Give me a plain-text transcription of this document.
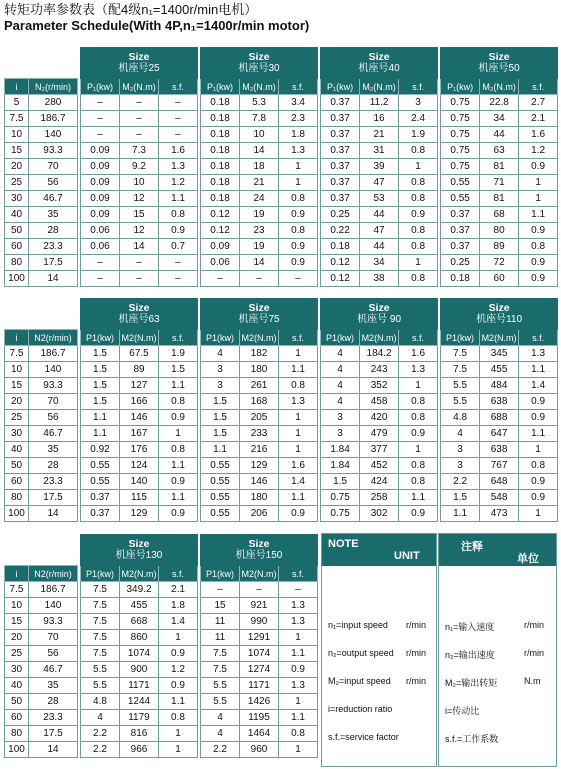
转矩功率参数表（配4级n₁=1400r/min电机）
Parameter Schedule(With 4P,n₁=1400r/min motor)

			Size
机座号25				Size
机座号30				Size
机座号40				Size
机座号50		
i	N₂(r/min)		P₁(kw)	M₂(N.m)	s.f.		P₁(kw)	M₂(N.m)	s.f.		P₁(kw)	M₂(N.m)	s.f.		P₁(kw)	M₂(N.m)	s.f.
5	280		–	–	–		0.18	5.3	3.4		0.37	11.2	3		0.75	22.8	2.7
7.5	186.7		–	–	–		0.18	7.8	2.3		0.37	16	2.4		0.75	34	2.1
10	140		–	–	–		0.18	10	1.8		0.37	21	1.9		0.75	44	1.6
15	93.3		0.09	7.3	1.6		0.18	14	1.3		0.37	31	0.8		0.75	63	1.2
20	70		0.09	9.2	1.3		0.18	18	1		0.37	39	1		0.75	81	0.9
25	56		0.09	10	1.2		0.18	21	1		0.37	47	0.8		0.55	71	1
30	46.7		0.09	12	1.1		0.18	24	0.8		0.37	53	0.8		0.55	81	1
40	35		0.09	15	0.8		0.12	19	0.9		0.25	44	0.9		0.37	68	1.1
50	28		0.06	12	0.9		0.12	23	0.8		0.22	47	0.8		0.37	80	0.9
60	23.3		0.06	14	0.7		0.09	19	0.9		0.18	44	0.8		0.37	89	0.8
80	17.5		–	–	–		0.06	14	0.9		0.12	34	1		0.25	72	0.9
100	14		–	–	–		–	–	–		0.12	38	0.8		0.18	60	0.9

			Size
机座号63				Size
机座号75				Size
机座号 90				Size
机座号110		
i	N2(r/min)		P1(kw)	M2(N.m)	s.f.		P1(kw)	M2(N.m)	s.f.		P1(kw)	M2(N.m)	s.f.		P1(kw)	M2(N.m)	s.f.
7.5	186.7		1.5	67.5	1.9		4	182	1		4	184.2	1.6		7.5	345	1.3
10	140		1.5	89	1.5		3	180	1.1		4	243	1.3		7.5	455	1.1
15	93.3		1.5	127	1.1		3	261	0.8		4	352	1		5.5	484	1.4
20	70		1.5	166	0.8		1.5	168	1.3		4	458	0.8		5.5	638	0.9
25	56		1.1	146	0.9		1.5	205	1		3	420	0.8		4.8	688	0.9
30	46.7		1.1	167	1		1.5	233	1		3	479	0.9		4	647	1.1
40	35		0.92	176	0.8		1.1	216	1		1.84	377	1		3	638	1
50	28		0.55	124	1.1		0.55	129	1.6		1.84	452	0.8		3	767	0.8
60	23.3		0.55	140	0.9		0.55	146	1.4		1.5	424	0.8		2.2	648	0.9
80	17.5		0.37	115	1.1		0.55	180	1.1		0.75	258	1.1		1.5	548	0.9
100	14		0.37	129	0.9		0.55	206	0.9		0.75	302	0.9		1.1	473	1

			Size
机座号130				Size
机座号150		
i	N2(r/min)		P1(kw)	M2(N.m)	s.f.		P1(kw)	M2(N.m)	s.f.
7.5	186.7		7.5	349.2	2.1		–	–	–
10	140		7.5	455	1.8		15	921	1.3
15	93.3		7.5	668	1.4		11	990	1.3
20	70		7.5	860	1		11	1291	1
25	56		7.5	1074	0.9		7.5	1074	1.1
30	46.7		5.5	900	1.2		7.5	1274	0.9
40	35		5.5	1171	0.9		5.5	1171	1.3
50	28		4.8	1244	1.1		5.5	1426	1
60	23.3		4	1179	0.8		4	1195	1.1
80	17.5		2.2	816	1		4	1464	0.8
100	14		2.2	966	1		2.2	960	1
NOTE
UNIT
n₁=input speed r/min
n₂=output speed r/min
M₂=input speed r/min
i=reduction ratio
s.f.=service factor
注释
单位
n₁=输入速度	r/min
n₂=输出速度	r/min
M₂=输出转矩	N.m
i=传动比
s.f.=工作系数
